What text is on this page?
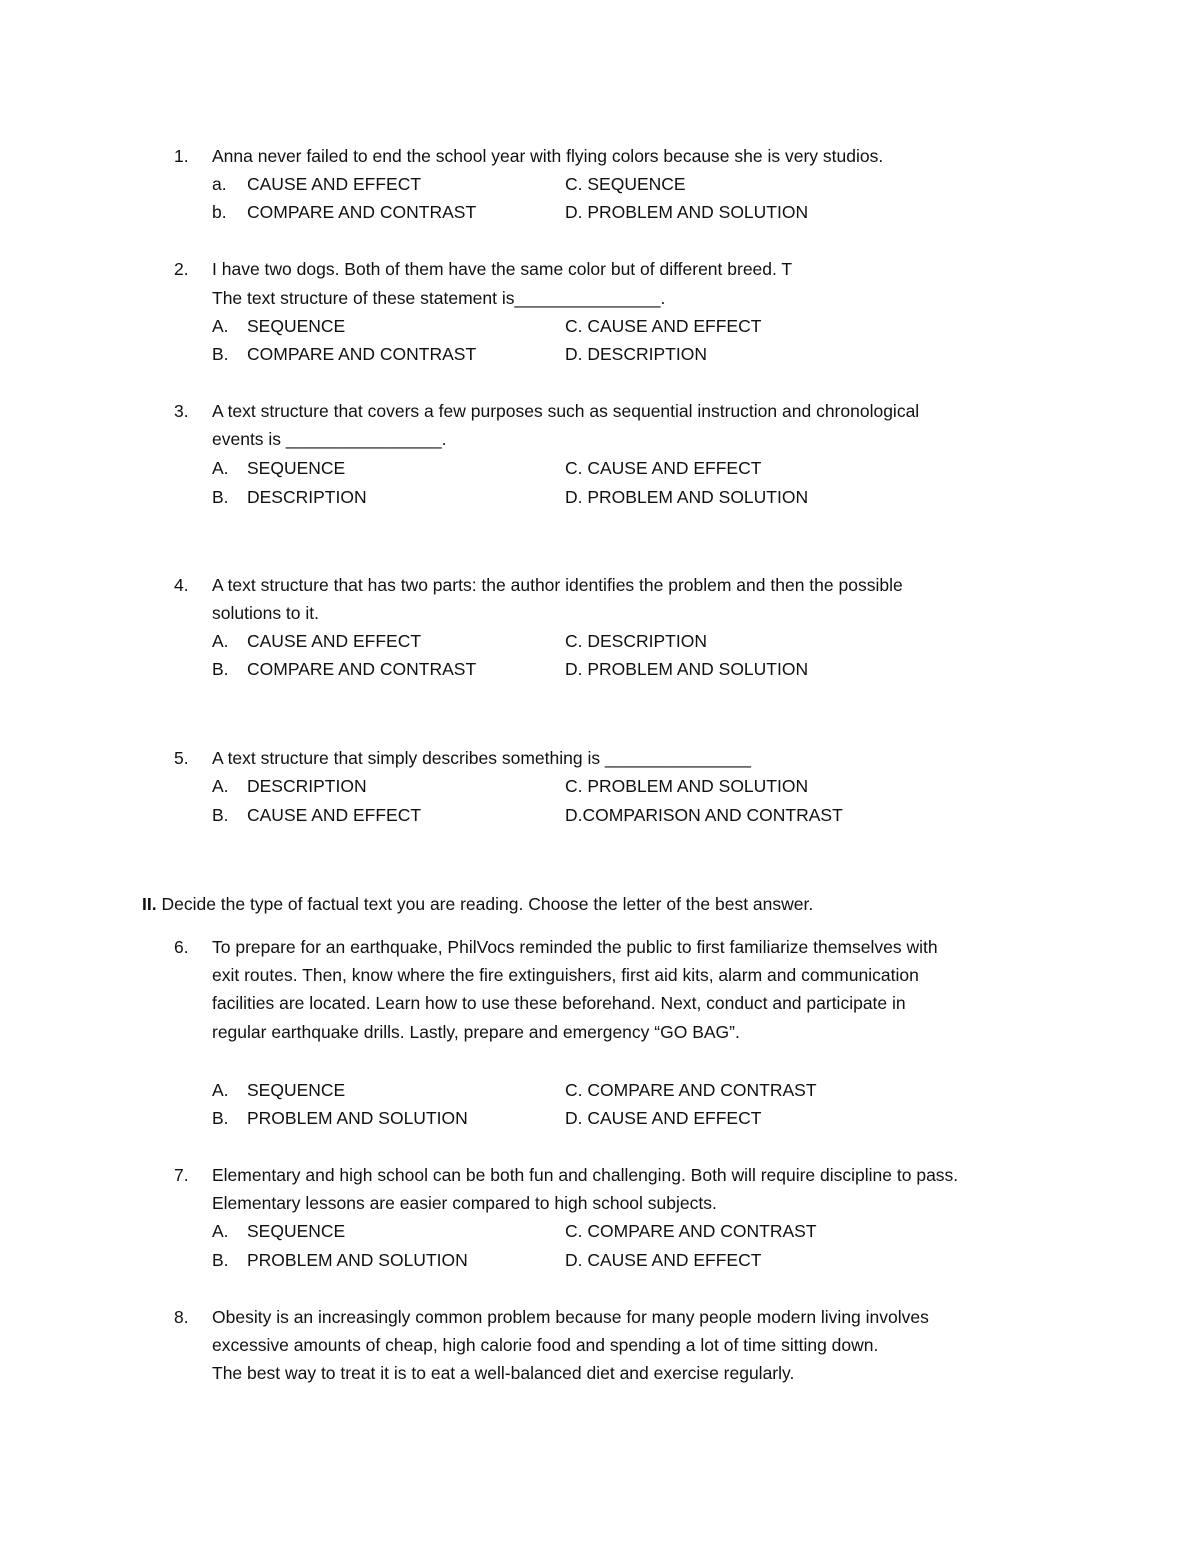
1. Anna never failed to end the school year with flying colors because she is very studios.
a. CAUSE AND EFFECT	C. SEQUENCE
b. COMPARE AND CONTRAST	D. PROBLEM AND SOLUTION
2. I have two dogs. Both of them have the same color but of different breed. T
The text structure of these statement is_______________.
A. SEQUENCE	C. CAUSE AND EFFECT
B. COMPARE AND CONTRAST	D. DESCRIPTION
3. A text structure that covers a few purposes such as sequential instruction and chronological
events is ________________.
A. SEQUENCE	C. CAUSE AND EFFECT
B. DESCRIPTION	D. PROBLEM AND SOLUTION
4. A text structure that has two parts: the author identifies the problem and then the possible
solutions to it.
A. CAUSE AND EFFECT	C. DESCRIPTION
B. COMPARE AND CONTRAST	D. PROBLEM AND SOLUTION
5. A text structure that simply describes something is _______________
A. DESCRIPTION	C. PROBLEM AND SOLUTION
B. CAUSE AND EFFECT	D.COMPARISON AND CONTRAST
II. Decide the type of factual text you are reading. Choose the letter of the best answer.
6. To prepare for an earthquake, PhilVocs reminded the public to first familiarize themselves with
exit routes. Then, know where the fire extinguishers, first aid kits, alarm and communication
facilities are located. Learn how to use these beforehand. Next, conduct and participate in
regular earthquake drills. Lastly, prepare and emergency “GO BAG”.
A. SEQUENCE	C. COMPARE AND CONTRAST
B. PROBLEM AND SOLUTION	D. CAUSE AND EFFECT
7. Elementary and high school can be both fun and challenging. Both will require discipline to pass.
Elementary lessons are easier compared to high school subjects.
A. SEQUENCE	C. COMPARE AND CONTRAST
B. PROBLEM AND SOLUTION	D. CAUSE AND EFFECT
8. Obesity is an increasingly common problem because for many people modern living involves
excessive amounts of cheap, high calorie food and spending a lot of time sitting down.
The best way to treat it is to eat a well-balanced diet and exercise regularly.
